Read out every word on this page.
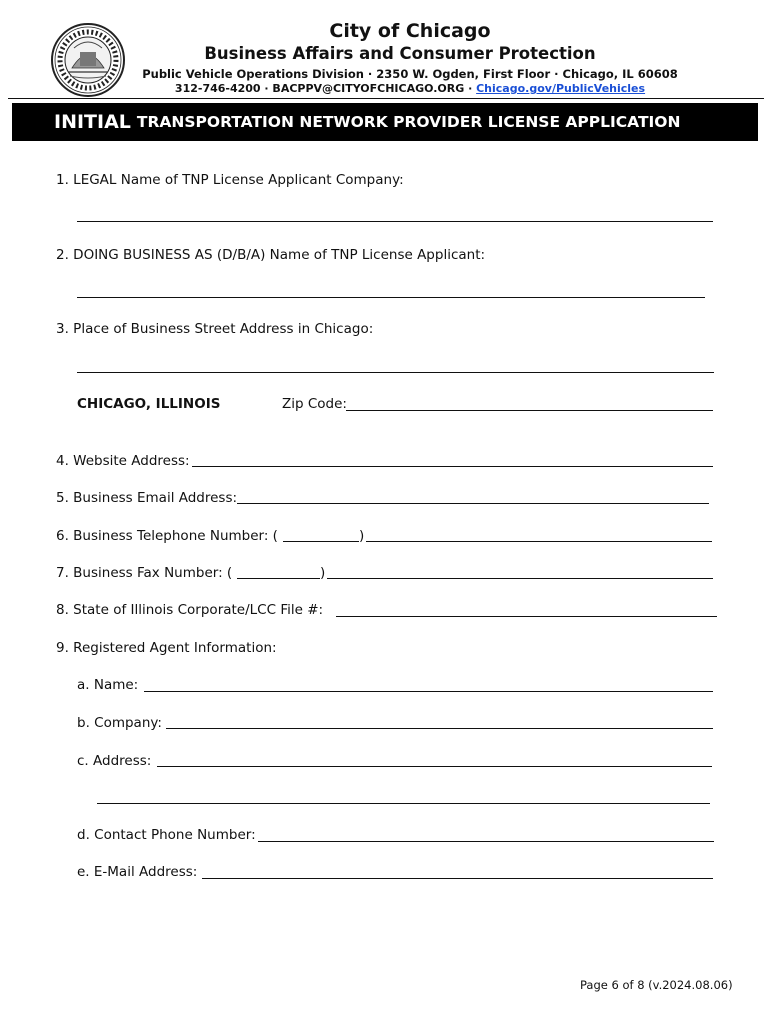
City of Chicago
Business Affairs and Consumer Protection
Public Vehicle Operations Division · 2350 W. Ogden, First Floor · Chicago, IL 60608
312-746-4200 · BACPPV@CITYOFCHICAGO.ORG · Chicago.gov/PublicVehicles
INITIAL TRANSPORTATION NETWORK PROVIDER LICENSE APPLICATION
1. LEGAL Name of TNP License Applicant Company:
2. DOING BUSINESS AS (D/B/A) Name of TNP License Applicant:
3. Place of Business Street Address in Chicago:
CHICAGO, ILLINOIS	Zip Code:
4. Website Address:
5. Business Email Address:
6. Business Telephone Number: (	)
7. Business Fax Number: (	)
8. State of Illinois Corporate/LCC File #:
9. Registered Agent Information:
a. Name:
b. Company:
c. Address:
d. Contact Phone Number:
e. E-Mail Address:
Page 6 of 8 (v.2024.08.06)
